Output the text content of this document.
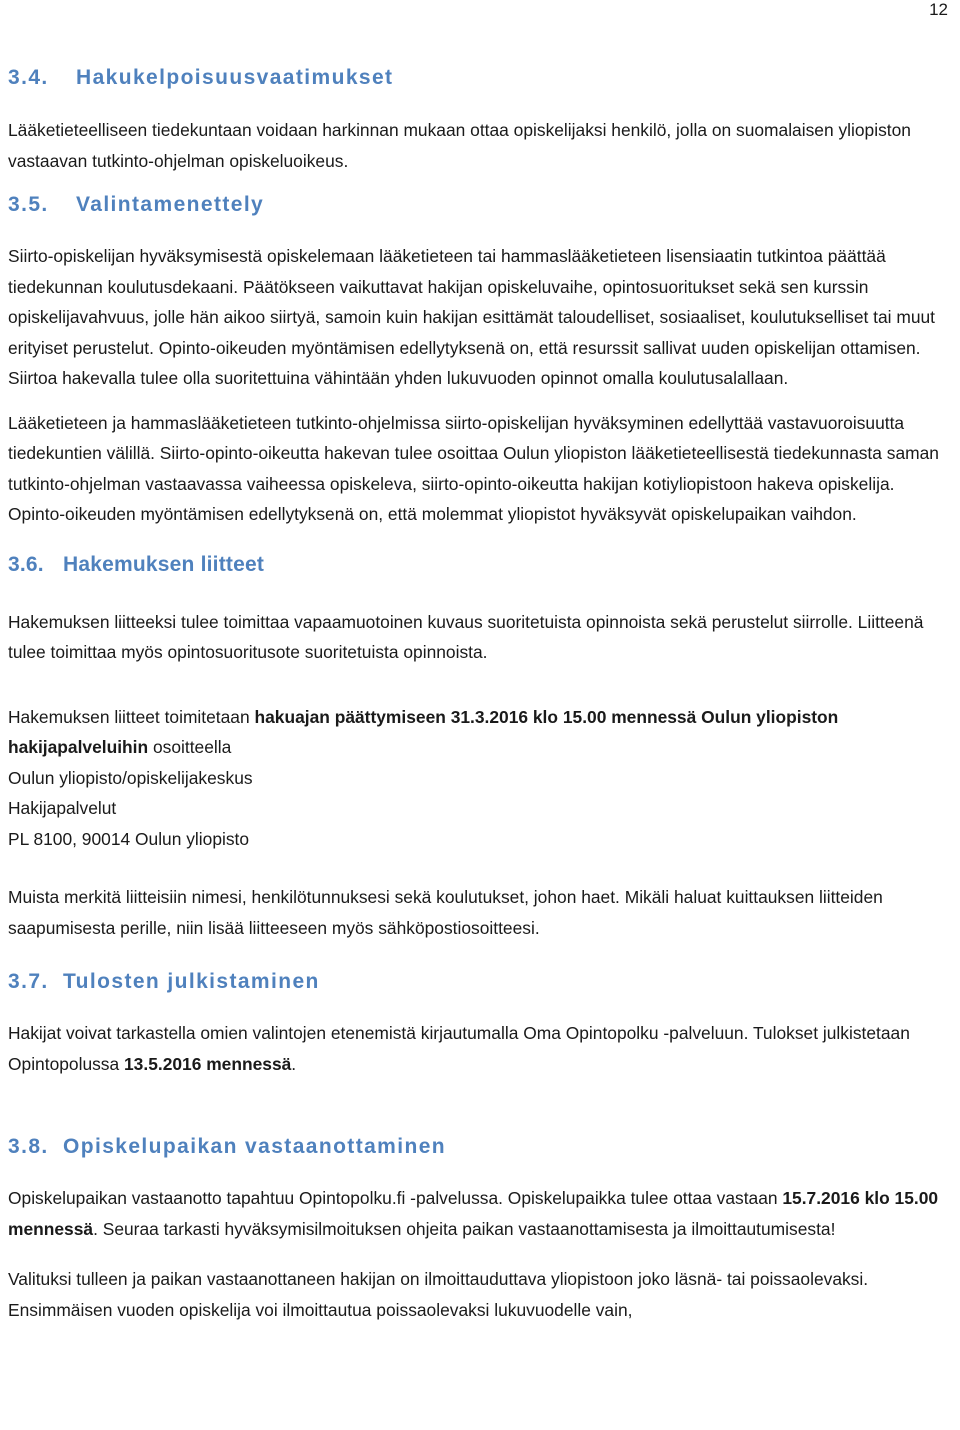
12
3.4. Hakukelpoisuusvaatimukset

Lääketieteelliseen tiedekuntaan voidaan harkinnan mukaan ottaa opiskelijaksi henkilö, jolla on suomalaisen yliopiston vastaavan tutkinto-ohjelman opiskeluoikeus.

3.5. Valintamenettely

Siirto-opiskelijan hyväksymisestä opiskelemaan lääketieteen tai hammaslääketieteen lisensiaatin tutkintoa päättää tiedekunnan koulutusdekaani. Päätökseen vaikuttavat hakijan opiskeluvaihe, opintosuoritukset sekä sen kurssin opiskelijavahvuus, jolle hän aikoo siirtyä, samoin kuin hakijan esittämät taloudelliset, sosiaaliset, koulutukselliset tai muut erityiset perustelut. Opinto-oikeuden myöntämisen edellytyksenä on, että resurssit sallivat uuden opiskelijan ottamisen. Siirtoa hakevalla tulee olla suoritettuina vähintään yhden lukuvuoden opinnot omalla koulutusalallaan.

Lääketieteen ja hammaslääketieteen tutkinto-ohjelmissa siirto-opiskelijan hyväksyminen edellyttää vastavuoroisuutta tiedekuntien välillä. Siirto-opinto-oikeutta hakevan tulee osoittaa Oulun yliopiston lääketieteellisestä tiedekunnasta saman tutkinto-ohjelman vastaavassa vaiheessa opiskeleva, siirto-opinto-oikeutta hakijan kotiyliopistoon hakeva opiskelija. Opinto-oikeuden myöntämisen edellytyksenä on, että molemmat yliopistot hyväksyvät opiskelupaikan vaihdon.

3.6. Hakemuksen liitteet

Hakemuksen liitteeksi tulee toimittaa vapaamuotoinen kuvaus suoritetuista opinnoista sekä perustelut siirrolle. Liitteenä tulee toimittaa myös opintosuoritusote suoritetuista opinnoista.

Hakemuksen liitteet toimitetaan hakuajan päättymiseen 31.3.2016 klo 15.00 mennessä Oulun yliopiston hakijapalveluihin osoitteella

Oulun yliopisto/opiskelijakeskus

Hakijapalvelut

PL 8100, 90014 Oulun yliopisto

Muista merkitä liitteisiin nimesi, henkilötunnuksesi sekä koulutukset, johon haet. Mikäli haluat kuittauksen liitteiden saapumisesta perille, niin lisää liitteeseen myös sähköpostiosoitteesi.

3.7. Tulosten julkistaminen

Hakijat voivat tarkastella omien valintojen etenemistä kirjautumalla Oma Opintopolku -palveluun. Tulokset julkistetaan Opintopolussa 13.5.2016 mennessä.

3.8. Opiskelupaikan vastaanottaminen

Opiskelupaikan vastaanotto tapahtuu Opintopolku.fi -palvelussa. Opiskelupaikka tulee ottaa vastaan 15.7.2016 klo 15.00 mennessä. Seuraa tarkasti hyväksymisilmoituksen ohjeita paikan vastaanottamisesta ja ilmoittautumisesta!

Valituksi tulleen ja paikan vastaanottaneen hakijan on ilmoittauduttava yliopistoon joko läsnä- tai poissaolevaksi. Ensimmäisen vuoden opiskelija voi ilmoittautua poissaolevaksi lukuvuodelle vain,
